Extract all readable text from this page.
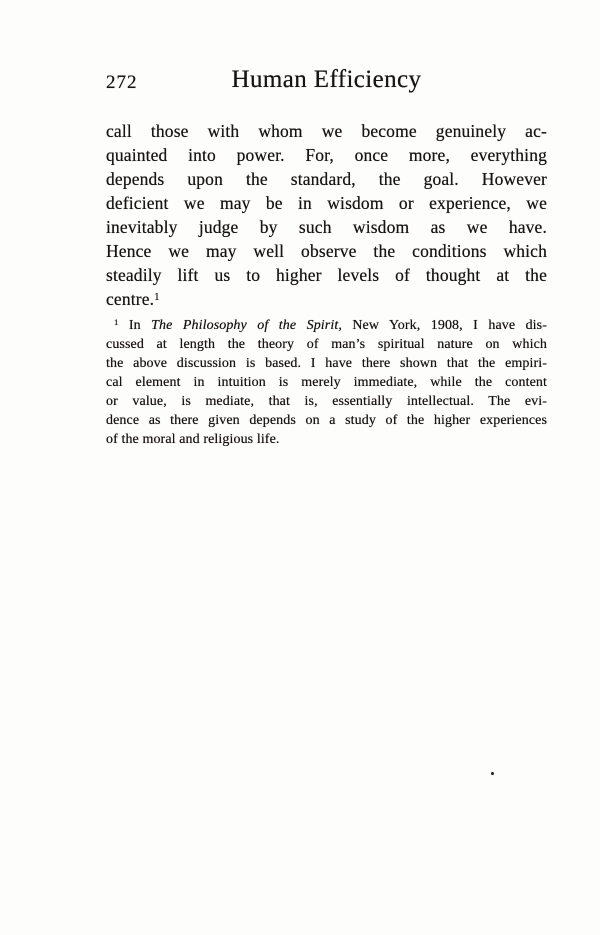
272	Human Efficiency
call those with whom we become genuinely ac-
quainted into power. For, once more, everything
depends upon the standard, the goal. However
deficient we may be in wisdom or experience, we
inevitably judge by such wisdom as we have.
Hence we may well observe the conditions which
steadily lift us to higher levels of thought at the
centre.$^1$
$^1$ In The Philosophy of the Spirit, New York, 1908, I have dis-
cussed at length the theory of man’s spiritual nature on which
the above discussion is based. I have there shown that the empiri-
cal element in intuition is merely immediate, while the content
or value, is mediate, that is, essentially intellectual. The evi-
dence as there given depends on a study of the higher experiences
of the moral and religious life.
